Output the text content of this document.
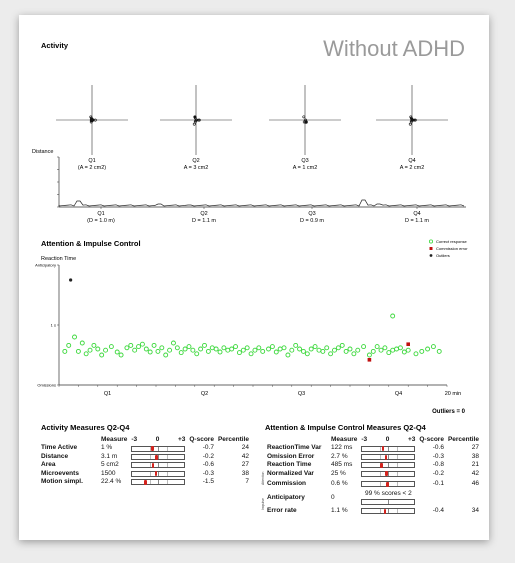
Activity	Without ADHD
Q1
(A = 2 cm2)
Q2
A = 3 cm2
Q3
A = 1 cm2
Q4
A = 2 cm2
Distance
Q1
(D = 1.0 m)
Q2
D = 1.1 m
Q3
D = 0.9 m
Q4
D = 1.1 m
Attention & Impulse Control
Reaction Time
Correct response
Commission error
Outliers
Anticipatory
1 s
Omissions
Q1	Q2	Q3	Q4	20 min
Outliers = 0
Activity Measures Q2-Q4	Attention & Impulse Control Measures Q2-Q4
	Measure	-3 0 +3	Q-score	Percentile
Time Active	1 %		-0.7	24
Distance	3.1 m		-0.2	42
Area	5 cm2		-0.6	27
Microevents	1500		-0.3	38
Motion simpl.	22.4 %		-1.5	7
	Measure	-3 0 +3	Q-score	Percentile
ReactionTime Var	122 ms		-0.6	27
Omission Error	2.7 %		-0.3	38
Reaction Time	485 ms		-0.8	21
Normalized Var	25 %		-0.2	42
Commission	0.6 %		-0.1	46
Anticipatory	0	99 % scores < 2

Error rate	1.1 %		-0.4	34
Attention
Impulse
